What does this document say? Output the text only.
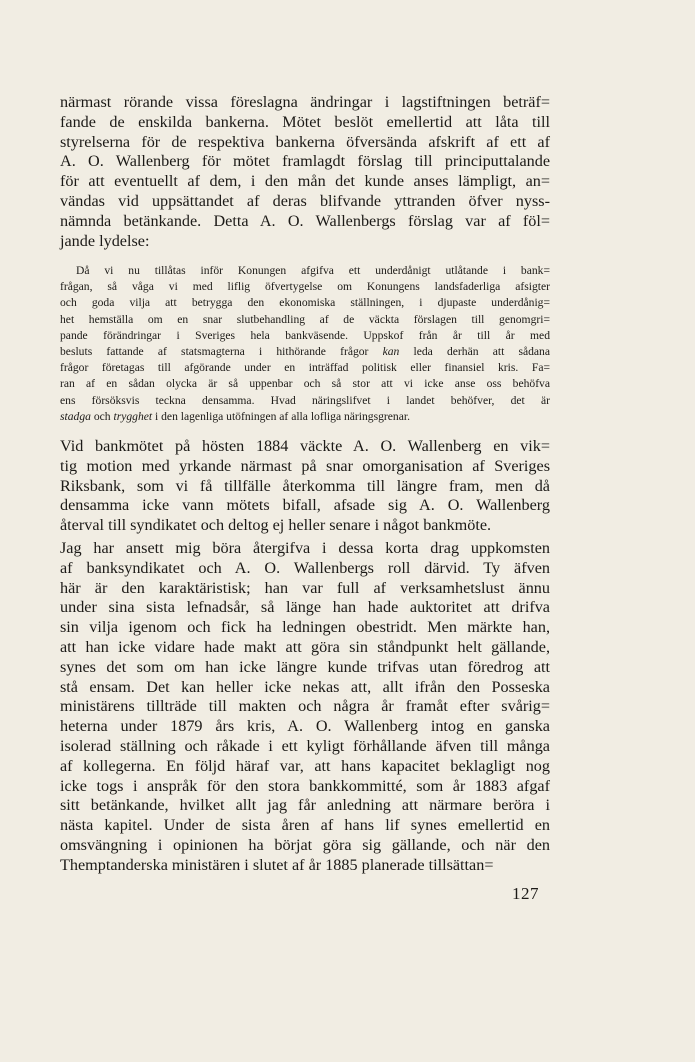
närmast rörande vissa föreslagna ändringar i lagstiftningen beträf=
fande de enskilda bankerna. Mötet beslöt emellertid att låta till
styrelserna för de respektiva bankerna öfversända afskrift af ett af
A. O. Wallenberg för mötet framlagdt förslag till principuttalande
för att eventuellt af dem, i den mån det kunde anses lämpligt, an=
vändas vid uppsättandet af deras blifvande yttranden öfver nyss-
nämnda betänkande. Detta A. O. Wallenbergs förslag var af föl=
jande lydelse:

Då vi nu tillåtas inför Konungen afgifva ett underdånigt utlåtande i bank=
frågan, så våga vi med liflig öfvertygelse om Konungens landsfaderliga afsigter
och goda vilja att betrygga den ekonomiska ställningen, i djupaste underdånig=
het hemställa om en snar slutbehandling af de väckta förslagen till genomgri=
pande förändringar i Sveriges hela bankväsende. Uppskof från år till år med
besluts fattande af statsmagterna i hithörande frågor kan leda derhän att sådana
frågor företagas till afgörande under en inträffad politisk eller finansiel kris. Fa=
ran af en sådan olycka är så uppenbar och så stor att vi icke anse oss behöfva
ens försöksvis teckna densamma. Hvad näringslifvet i landet behöfver, det är
stadga och trygghet i den lagenliga utöfningen af alla lofliga näringsgrenar.

Vid bankmötet på hösten 1884 väckte A. O. Wallenberg en vik=
tig motion med yrkande närmast på snar omorganisation af Sveriges
Riksbank, som vi få tillfälle återkomma till längre fram, men då
densamma icke vann mötets bifall, afsade sig A. O. Wallenberg
återval till syndikatet och deltog ej heller senare i något bankmöte.

Jag har ansett mig böra återgifva i dessa korta drag uppkomsten
af banksyndikatet och A. O. Wallenbergs roll därvid. Ty äfven
här är den karaktäristisk; han var full af verksamhetslust ännu
under sina sista lefnadsår, så länge han hade auktoritet att drifva
sin vilja igenom och fick ha ledningen obestridt. Men märkte han,
att han icke vidare hade makt att göra sin ståndpunkt helt gällande,
synes det som om han icke längre kunde trifvas utan föredrog att
stå ensam. Det kan heller icke nekas att, allt ifrån den Posseska
ministärens tillträde till makten och några år framåt efter svårig=
heterna under 1879 års kris, A. O. Wallenberg intog en ganska
isolerad ställning och råkade i ett kyligt förhållande äfven till många
af kollegerna. En följd häraf var, att hans kapacitet beklagligt nog
icke togs i anspråk för den stora bankkommitté, som år 1883 afgaf
sitt betänkande, hvilket allt jag får anledning att närmare beröra i
nästa kapitel. Under de sista åren af hans lif synes emellertid en
omsvängning i opinionen ha börjat göra sig gällande, och när den
Themptanderska ministären i slutet af år 1885 planerade tillsättan=

127
